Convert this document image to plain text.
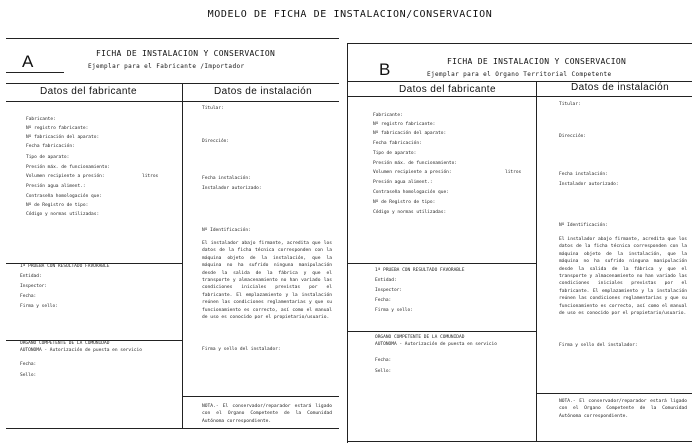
MODELO DE FICHA DE INSTALACION/CONSERVACION
A	FICHA DE INSTALACION Y CONSERVACION
Ejemplar para el Fabricante /Importador
Datos del fabricante	Datos de instalación
Fabricante:
Nº registro fabricante:
Nº fabricación del aparato:
Fecha fabricación:
Tipo de aparato:
Presión máx. de funcionamiento:
Volumen recipiente a presión:	litros
Presión agua aliment.:
Contraseña homologación que:
Nº de Registro de tipo:
Código y normas utilizadas:
1ª PRUEBA CON RESULTADO FAVORABLE
Entidad:
Inspector:
Fecha:
Firma y sello:
ORGANO COMPETENTE DE LA COMUNIDAD
AUTONOMA - Autorización de puesta en servicio
Fecha:
Sello:
Titular:
Dirección:
Fecha instalación:
Instalador autorizado:
Nº Identificación:
El instalador abajo firmante, acredita que los datos de la ficha técnica corresponden con la máquina objeto de la instalación, que la máquina no ha sufrido ninguna manipulación desde la salida de la fábrica y que el transporte y almacenamiento no han variado las condiciones iniciales previstas por el fabricante. El emplazamiento y la instalación reúnen las condiciones reglamentarias y que su funcionamiento es correcto, así como el manual de uso es conocido por el propietario/usuario.
Firma y sello del instalador:
NOTA.- El conservador/reparador estará ligado con el Organo Competente de la Comunidad Autónoma correspondiente.
B	FICHA DE INSTALACION Y CONSERVACION
Ejemplar para el Organo Territorial Competente
Datos del fabricante	Datos de instalación
Fabricante:
Nº registro fabricante:
Nº fabricación del aparato:
Fecha fabricación:
Tipo de aparato:
Presión máx. de funcionamiento:
Volumen recipiente a presión:	litros
Presión agua aliment.:
Contraseña homologación que:
Nº de Registro de tipo:
Código y normas utilizadas:
1ª PRUEBA CON RESULTADO FAVORABLE
Entidad:
Inspector:
Fecha:
Firma y sello:
ORGANO COMPETENTE DE LA COMUNIDAD
AUTONOMA - Autorización de puesta en servicio
Fecha:
Sello:
Titular:
Dirección:
Fecha instalación:
Instalador autorizado:
Nº Identificación:
El instalador abajo firmante, acredita que los datos de la ficha técnica corresponden con la máquina objeto de la instalación, que la máquina no ha sufrido ninguna manipulación desde la salida de la fábrica y que el transporte y almacenamiento no han variado las condiciones iniciales previstas por el fabricante. El emplazamiento y la instalación reúnen las condiciones reglamentarias y que su funcionamiento es correcto, así como el manual de uso es conocido por el propietario/usuario.
Firma y sello del instalador:
NOTA.- El conservador/reparador estará ligado con el Organo Competente de la Comunidad Autónoma correspondiente.
